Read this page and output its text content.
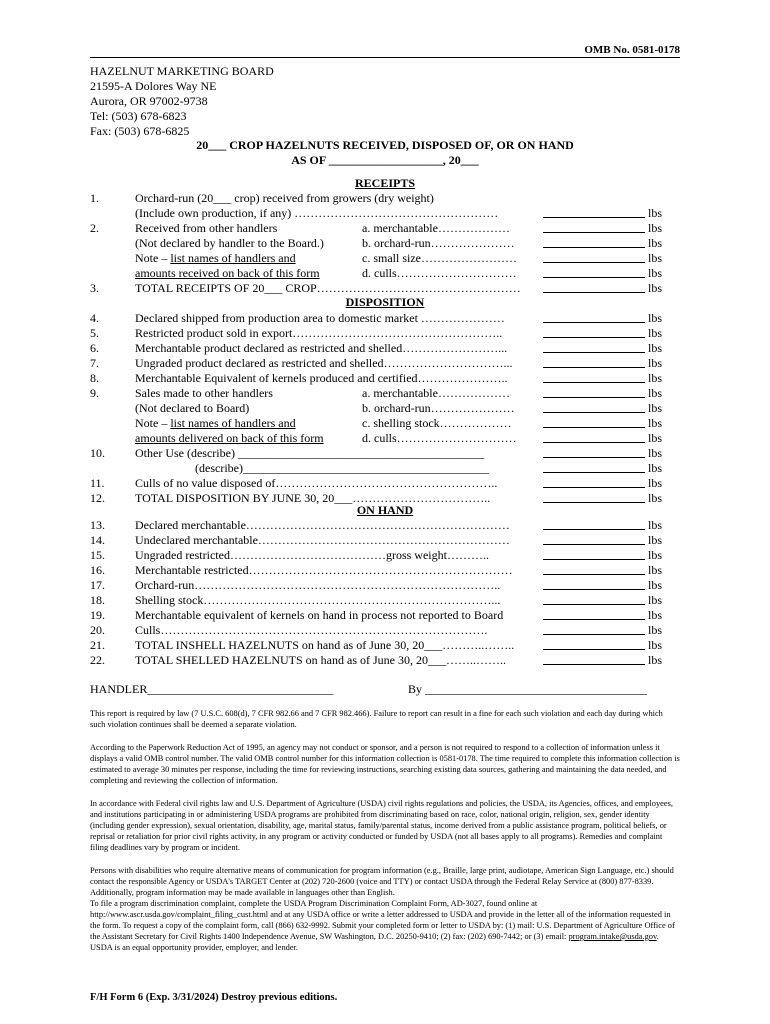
OMB No. 0581-0178
HAZELNUT MARKETING BOARD
21595-A Dolores Way NE
Aurora, OR 97002-9738
Tel: (503) 678-6823
Fax: (503) 678-6825
20___ CROP HAZELNUTS RECEIVED, DISPOSED OF, OR ON HAND
AS OF ___________________, 20___
RECEIPTS
DISPOSITION
ON HAND
1.	Orchard-run (20___ crop) received from growers (dry weight)
(Include own production, if any) ……………………………………………	lbs
2.	Received from other handlers	a. merchantable………………	lbs
(Not declared by handler to the Board.)	b. orchard-run…………………	lbs
Note – list names of handlers and	c. small size……………………	lbs
amounts received on back of this form	d. culls…………………………	lbs
3.	TOTAL RECEIPTS OF 20___ CROP……………………………………………	lbs
4.	Declared shipped from production area to domestic market …………………	lbs
5.	Restricted product sold in export……………………………………………..	lbs
6.	Merchantable product declared as restricted and shelled……………………...	lbs
7.	Ungraded product declared as restricted and shelled…………………………...	lbs
8.	Merchantable Equivalent of kernels produced and certified…………………..	lbs
9.	Sales made to other handlers	a. merchantable………………	lbs
(Not declared to Board)	b. orchard-run…………………	lbs
Note – list names of handlers and	c. shelling stock………………	lbs
amounts delivered on back of this form	d. culls…………………………	lbs
10.	Other Use (describe) _________________________________________	lbs
(describe)_________________________________________	lbs
11.	Culls of no value disposed of………………………………………………..	lbs
12.	TOTAL DISPOSITION BY JUNE 30, 20___……………………………..	lbs
13.	Declared merchantable…………………………………………………………	lbs
14.	Undeclared merchantable………………………………………………………	lbs
15.	Ungraded restricted…………………………………gross weight………..	lbs
16.	Merchantable restricted…………………………………………………………	lbs
17.	Orchard-run…………………………………………………………………..	lbs
18.	Shelling stock………………………………………………………………...	lbs
19.	Merchantable equivalent of kernels on hand in process not reported to Board	lbs
20.	Culls……………………………………………………………………….	lbs
21.	TOTAL INSHELL HAZELNUTS on hand as of June 30, 20___………..……..	lbs
22.	TOTAL SHELLED HAZELNUTS on hand as of June 30, 20___……..……..	lbs
HANDLER_______________________________	By _____________________________________
This report is required by law (7 U.S.C. 608(d), 7 CFR 982.66 and 7 CFR 982.466). Failure to report can result in a fine for each such violation and each day during which such violation continues shall be deemed a separate violation.
According to the Paperwork Reduction Act of 1995, an agency may not conduct or sponsor, and a person is not required to respond to a collection of information unless it displays a valid OMB control number. The valid OMB control number for this information collection is 0581-0178. The time required to complete this information collection is estimated to average 30 minutes per response, including the time for reviewing instructions, searching existing data sources, gathering and maintaining the data needed, and completing and reviewing the collection of information.
In accordance with Federal civil rights law and U.S. Department of Agriculture (USDA) civil rights regulations and policies, the USDA, its Agencies, offices, and employees, and institutions participating in or administering USDA programs are prohibited from discriminating based on race, color, national origin, religion, sex, gender identity (including gender expression), sexual orientation, disability, age, marital status, family/parental status, income derived from a public assistance program, political beliefs, or reprisal or retaliation for prior civil rights activity, in any program or activity conducted or funded by USDA (not all bases apply to all programs). Remedies and complaint filing deadlines vary by program or incident.
Persons with disabilities who require alternative means of communication for program information (e.g., Braille, large print, audiotape, American Sign Language, etc.) should contact the responsible Agency or USDA's TARGET Center at (202) 720-2600 (voice and TTY) or contact USDA through the Federal Relay Service at (800) 877-8339. Additionally, program information may be made available in languages other than English.
To file a program discrimination complaint, complete the USDA Program Discrimination Complaint Form, AD-3027, found online at http://www.ascr.usda.gov/complaint_filing_cust.html and at any USDA office or write a letter addressed to USDA and provide in the letter all of the information requested in the form. To request a copy of the complaint form, call (866) 632-9992. Submit your completed form or letter to USDA by: (1) mail: U.S. Department of Agriculture Office of the Assistant Secretary for Civil Rights 1400 Independence Avenue, SW Washington, D.C. 20250-9410; (2) fax: (202) 690-7442; or (3) email: program.intake@usda.gov. USDA is an equal opportunity provider, employer, and lender.
F/H Form 6 (Exp. 3/31/2024) Destroy previous editions.
